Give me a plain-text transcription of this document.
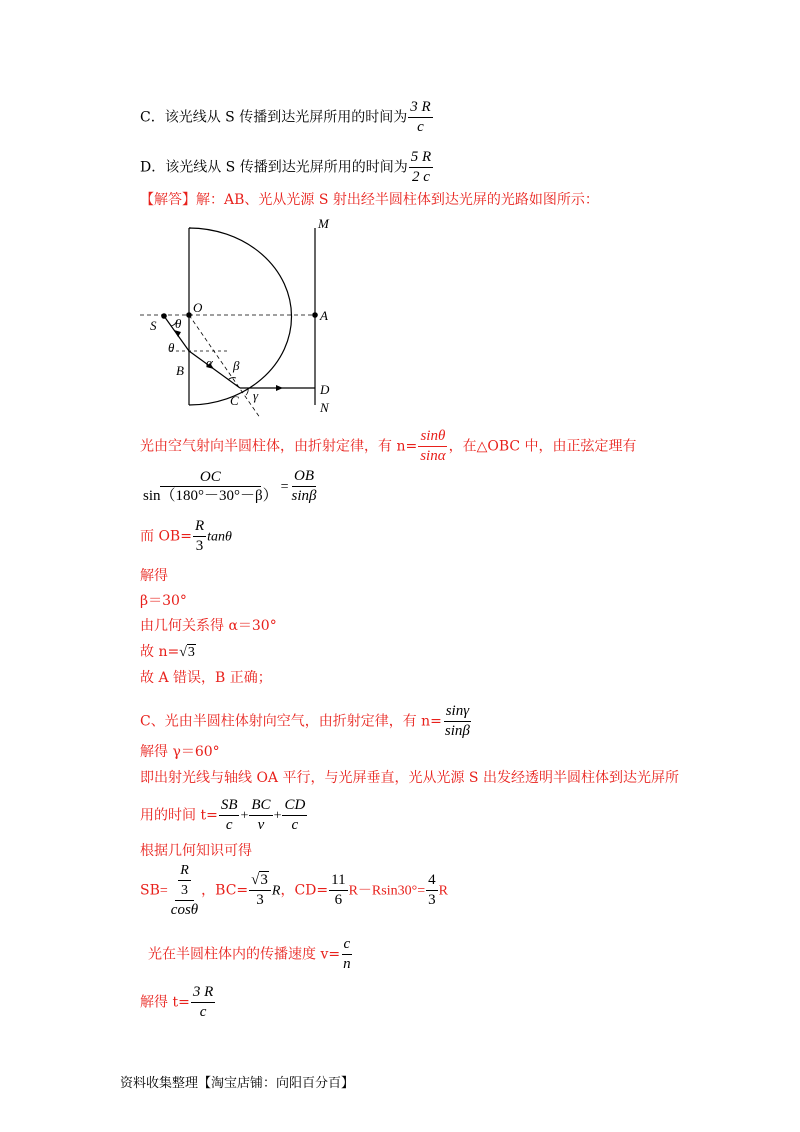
C．该光线从 S 传播到达光屏所用的时间为 $\frac{3 R}{c}$
D．该光线从 S 传播到达光屏所用的时间为 $\frac{5 R}{2 c}$
【解答】解：AB、光从光源 S 射出经半圆柱体到达光屏的光路如图所示：
M
O
A
S θ
θ
B
α β
C γ	D
N
光由空气射向半圆柱体，由折射定律，有 $n= \frac{\sin\theta}{\sin\alpha}$ ，在△OBC 中，由正弦定理有
$\frac{OC}{\sin(180^\circ-30^\circ-\beta)} = \frac{OB}{\sin\beta}$
而 $OB= \frac{R}{3}$ tanθ
解得
β＝30°
由几何关系得 α＝30°
故 n=√3
故 A 错误，B 正确；
C、光由半圆柱体射向空气，由折射定律，有 $n= \frac{\sin\gamma}{\sin\beta}$
解得 γ＝60°
即出射光线与轴线 OA 平行，与光屏垂直，光从光源 S 出发经透明半圆柱体到达光屏所
用的时间 $t= \frac{SB}{c} + \frac{BC}{v} + \frac{CD}{c}$
根据几何知识可得
$SB= \frac{\frac{R}{3}}{\cos\theta}$ ，$BC= \frac{√3}{3}$ R，$CD= \frac{11}{6} R-Rsin30^\circ= \frac{4}{3}$ R
光在半圆柱体内的传播速度 $v= \frac{c}{n}$
解得 $t= \frac{3 R}{c}$
资料收集整理【淘宝店铺：向阳百分百】
